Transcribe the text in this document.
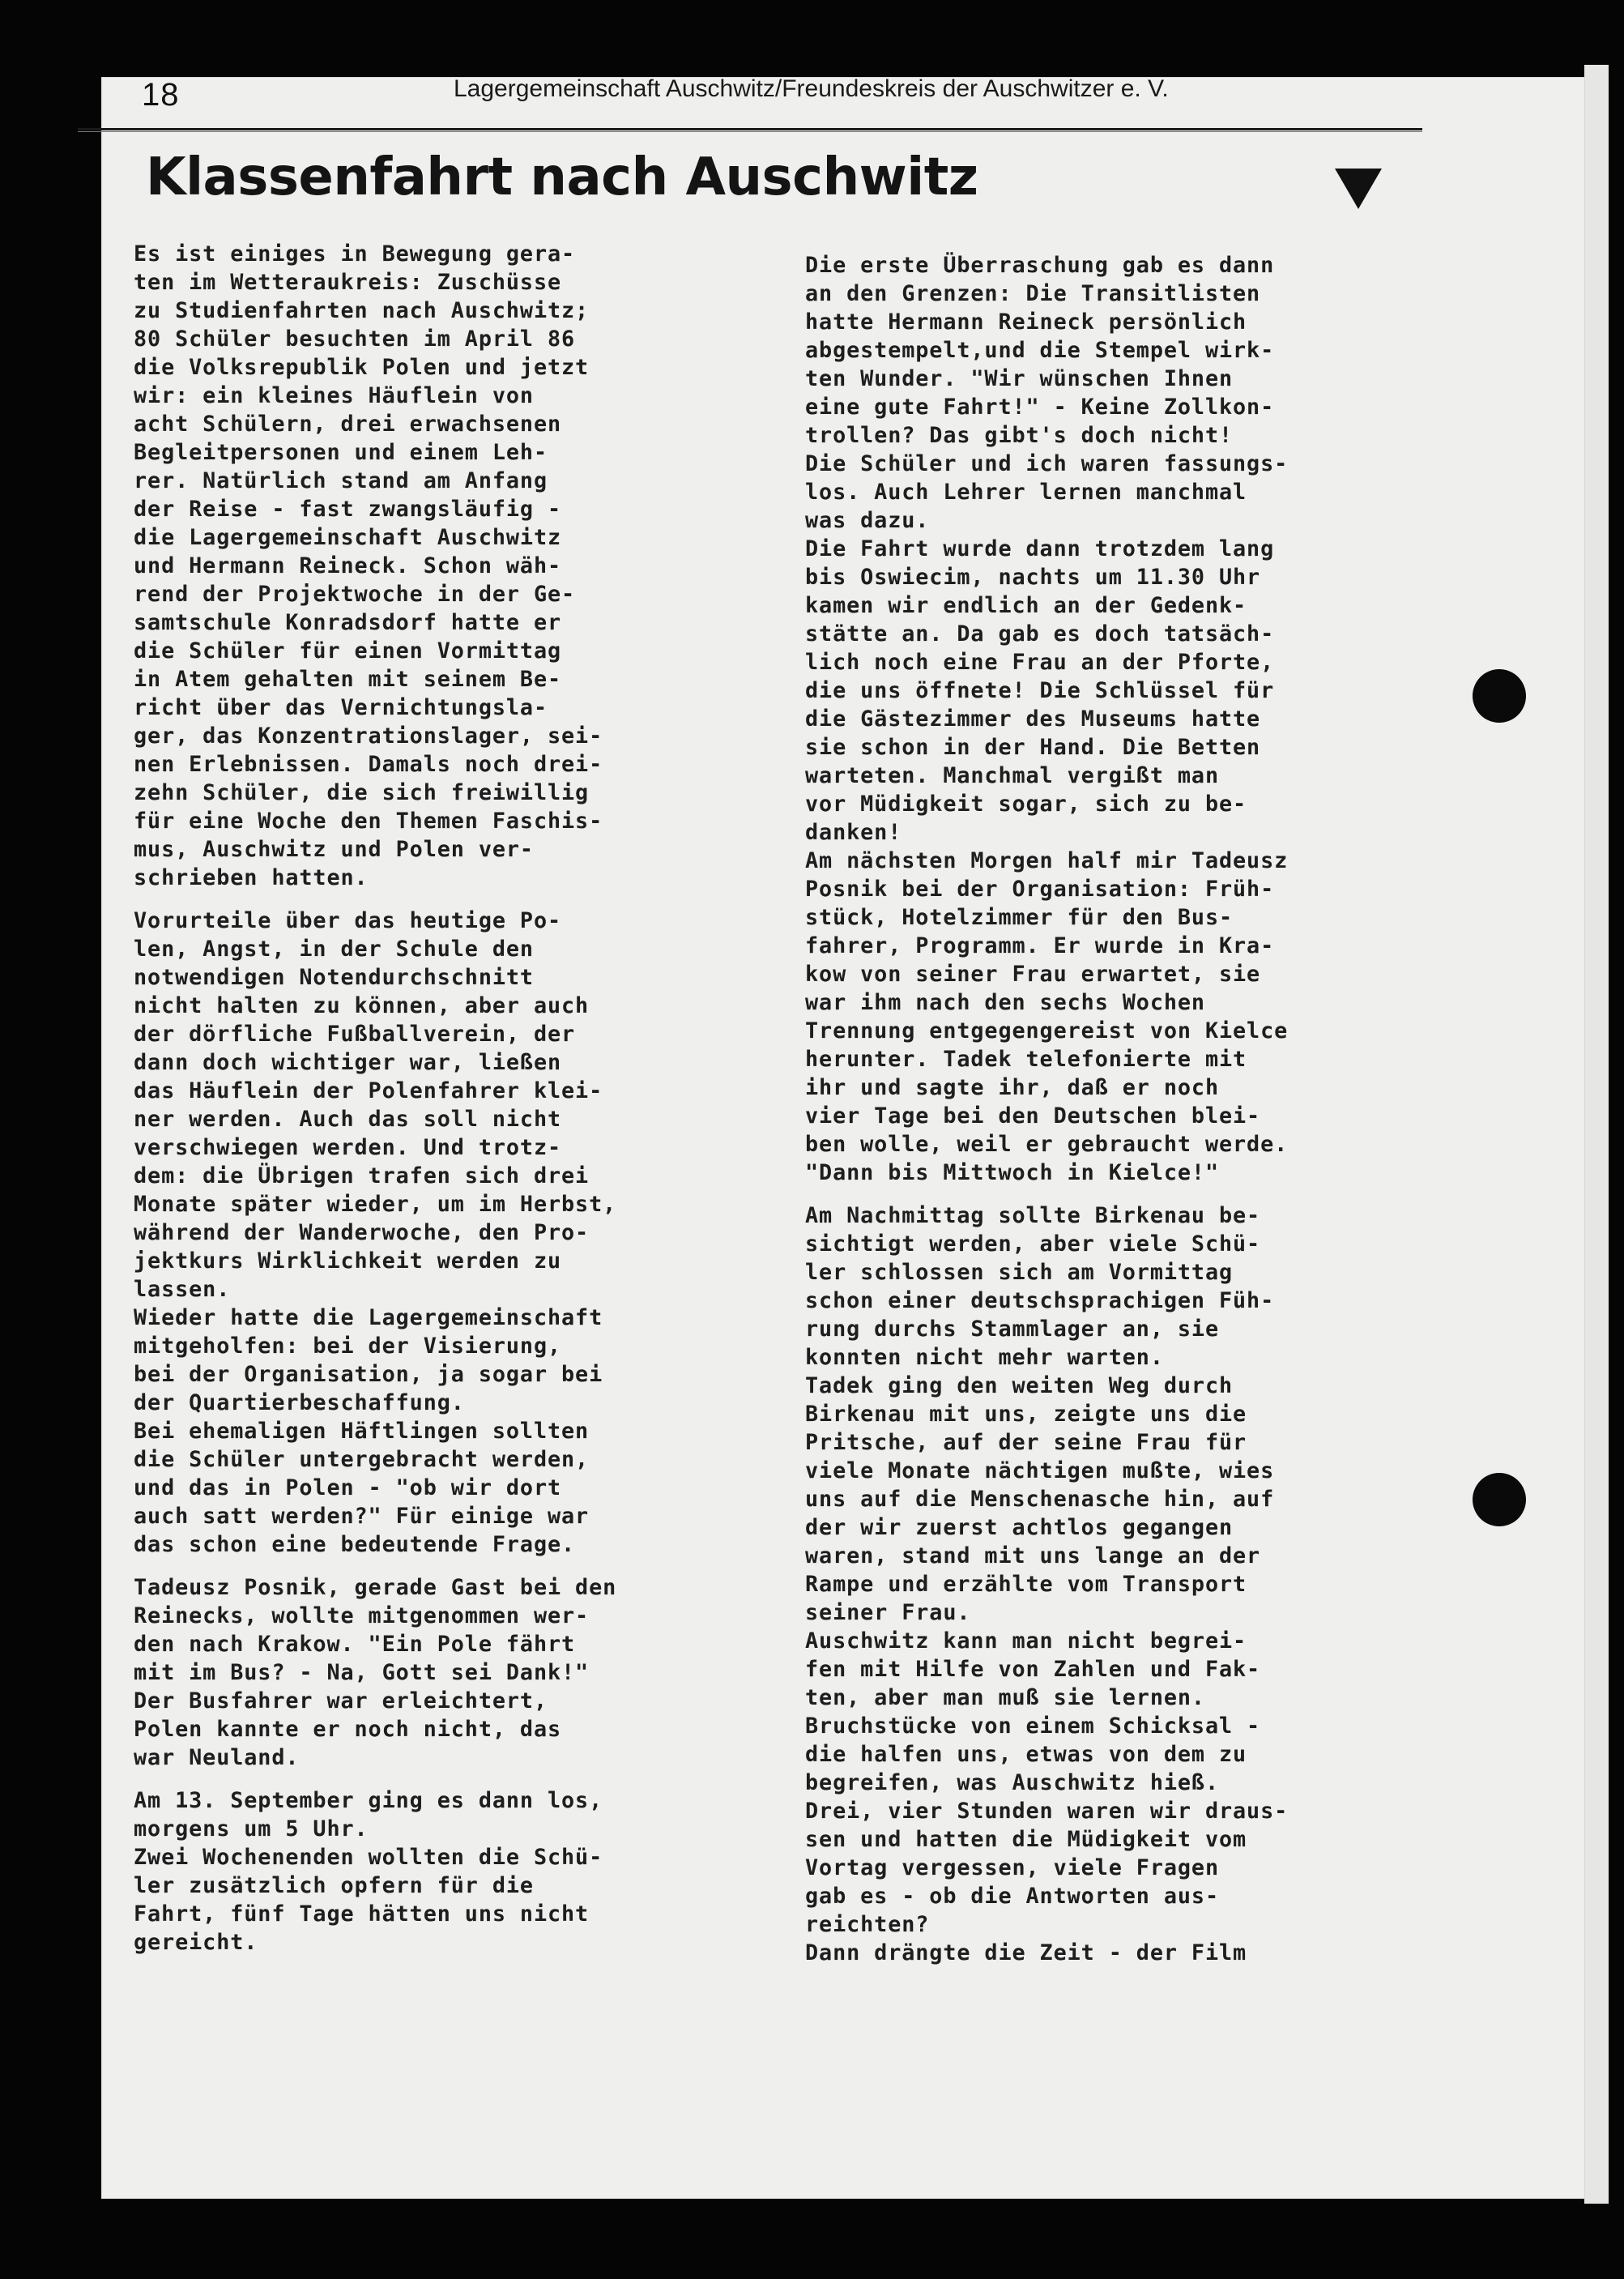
18	Lagergemeinschaft Auschwitz/Freundeskreis der Auschwitzer e. V.
Klassenfahrt nach Auschwitz
Es ist einiges in Bewegung gera-
ten im Wetteraukreis: Zuschüsse
zu Studienfahrten nach Auschwitz;
80 Schüler besuchten im April 86
die Volksrepublik Polen und jetzt
wir: ein kleines Häuflein von
acht Schülern, drei erwachsenen
Begleitpersonen und einem Leh-
rer. Natürlich stand am Anfang
der Reise - fast zwangsläufig -
die Lagergemeinschaft Auschwitz
und Hermann Reineck. Schon wäh-
rend der Projektwoche in der Ge-
samtschule Konradsdorf hatte er
die Schüler für einen Vormittag
in Atem gehalten mit seinem Be-
richt über das Vernichtungsla-
ger, das Konzentrationslager, sei-
nen Erlebnissen. Damals noch drei-
zehn Schüler, die sich freiwillig
für eine Woche den Themen Faschis-
mus, Auschwitz und Polen ver-
schrieben hatten.
Vorurteile über das heutige Po-
len, Angst, in der Schule den
notwendigen Notendurchschnitt
nicht halten zu können, aber auch
der dörfliche Fußballverein, der
dann doch wichtiger war, ließen
das Häuflein der Polenfahrer klei-
ner werden. Auch das soll nicht
verschwiegen werden. Und trotz-
dem: die Übrigen trafen sich drei
Monate später wieder, um im Herbst,
während der Wanderwoche, den Pro-
jektkurs Wirklichkeit werden zu
lassen.
Wieder hatte die Lagergemeinschaft
mitgeholfen: bei der Visierung,
bei der Organisation, ja sogar bei
der Quartierbeschaffung.
Bei ehemaligen Häftlingen sollten
die Schüler untergebracht werden,
und das in Polen - "ob wir dort
auch satt werden?" Für einige war
das schon eine bedeutende Frage.
Tadeusz Posnik, gerade Gast bei den
Reinecks, wollte mitgenommen wer-
den nach Krakow. "Ein Pole fährt
mit im Bus? - Na, Gott sei Dank!"
Der Busfahrer war erleichtert,
Polen kannte er noch nicht, das
war Neuland.
Am 13. September ging es dann los,
morgens um 5 Uhr.
Zwei Wochenenden wollten die Schü-
ler zusätzlich opfern für die
Fahrt, fünf Tage hätten uns nicht
gereicht.
Die erste Überraschung gab es dann
an den Grenzen: Die Transitlisten
hatte Hermann Reineck persönlich
abgestempelt,und die Stempel wirk-
ten Wunder. "Wir wünschen Ihnen
eine gute Fahrt!" - Keine Zollkon-
trollen? Das gibt's doch nicht!
Die Schüler und ich waren fassungs-
los. Auch Lehrer lernen manchmal
was dazu.
Die Fahrt wurde dann trotzdem lang
bis Oswiecim, nachts um 11.30 Uhr
kamen wir endlich an der Gedenk-
stätte an. Da gab es doch tatsäch-
lich noch eine Frau an der Pforte,
die uns öffnete! Die Schlüssel für
die Gästezimmer des Museums hatte
sie schon in der Hand. Die Betten
warteten. Manchmal vergißt man
vor Müdigkeit sogar, sich zu be-
danken!
Am nächsten Morgen half mir Tadeusz
Posnik bei der Organisation: Früh-
stück, Hotelzimmer für den Bus-
fahrer, Programm. Er wurde in Kra-
kow von seiner Frau erwartet, sie
war ihm nach den sechs Wochen
Trennung entgegengereist von Kielce
herunter. Tadek telefonierte mit
ihr und sagte ihr, daß er noch
vier Tage bei den Deutschen blei-
ben wolle, weil er gebraucht werde.
"Dann bis Mittwoch in Kielce!"
Am Nachmittag sollte Birkenau be-
sichtigt werden, aber viele Schü-
ler schlossen sich am Vormittag
schon einer deutschsprachigen Füh-
rung durchs Stammlager an, sie
konnten nicht mehr warten.
Tadek ging den weiten Weg durch
Birkenau mit uns, zeigte uns die
Pritsche, auf der seine Frau für
viele Monate nächtigen mußte, wies
uns auf die Menschenasche hin, auf
der wir zuerst achtlos gegangen
waren, stand mit uns lange an der
Rampe und erzählte vom Transport
seiner Frau.
Auschwitz kann man nicht begrei-
fen mit Hilfe von Zahlen und Fak-
ten, aber man muß sie lernen.
Bruchstücke von einem Schicksal -
die halfen uns, etwas von dem zu
begreifen, was Auschwitz hieß.
Drei, vier Stunden waren wir draus-
sen und hatten die Müdigkeit vom
Vortag vergessen, viele Fragen
gab es - ob die Antworten aus-
reichten?
Dann drängte die Zeit - der Film
